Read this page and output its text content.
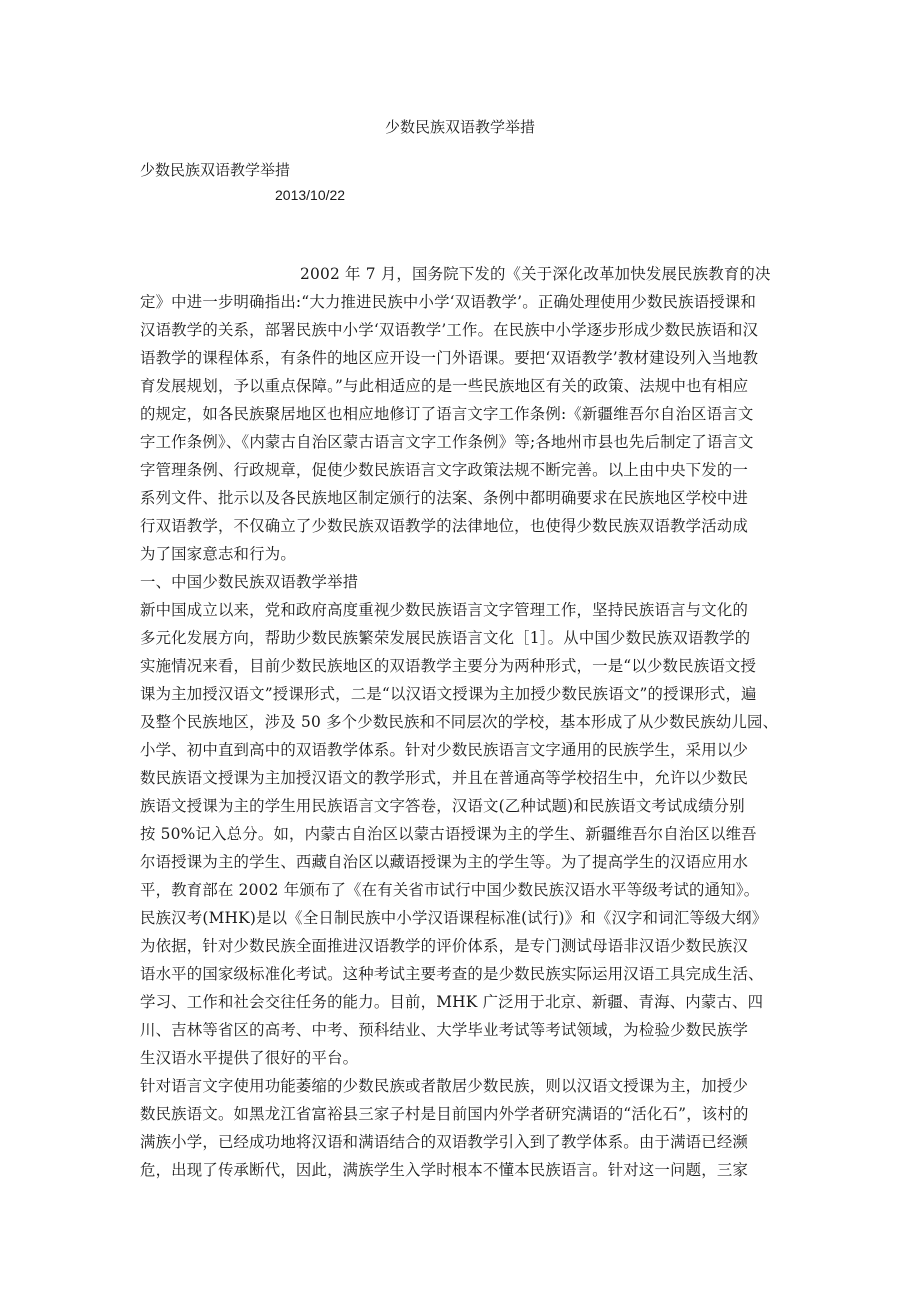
少数民族双语教学举措
少数民族双语教学举措
2013/10/22
2002 年 7 月，国务院下发的《关于深化改革加快发展民族教育的决
定》中进一步明确指出:“大力推进民族中小学‘双语教学’。正确处理使用少数民族语授课和
汉语教学的关系，部署民族中小学‘双语教学’工作。在民族中小学逐步形成少数民族语和汉
语教学的课程体系，有条件的地区应开设一门外语课。要把‘双语教学’教材建设列入当地教
育发展规划，予以重点保障。”与此相适应的是一些民族地区有关的政策、法规中也有相应
的规定，如各民族聚居地区也相应地修订了语言文字工作条例:《新疆维吾尔自治区语言文
字工作条例》、《内蒙古自治区蒙古语言文字工作条例》等;各地州市县也先后制定了语言文
字管理条例、行政规章，促使少数民族语言文字政策法规不断完善。以上由中央下发的一
系列文件、批示以及各民族地区制定颁行的法案、条例中都明确要求在民族地区学校中进
行双语教学，不仅确立了少数民族双语教学的法律地位，也使得少数民族双语教学活动成
为了国家意志和行为。
一、中国少数民族双语教学举措
新中国成立以来，党和政府高度重视少数民族语言文字管理工作，坚持民族语言与文化的
多元化发展方向，帮助少数民族繁荣发展民族语言文化［1］。从中国少数民族双语教学的
实施情况来看，目前少数民族地区的双语教学主要分为两种形式，一是“以少数民族语文授
课为主加授汉语文”授课形式，二是“以汉语文授课为主加授少数民族语文”的授课形式，遍
及整个民族地区，涉及 50 多个少数民族和不同层次的学校，基本形成了从少数民族幼儿园、
小学、初中直到高中的双语教学体系。针对少数民族语言文字通用的民族学生，采用以少
数民族语文授课为主加授汉语文的教学形式，并且在普通高等学校招生中，允许以少数民
族语文授课为主的学生用民族语言文字答卷，汉语文(乙种试题)和民族语文考试成绩分别
按 50%记入总分。如，内蒙古自治区以蒙古语授课为主的学生、新疆维吾尔自治区以维吾
尔语授课为主的学生、西藏自治区以藏语授课为主的学生等。为了提高学生的汉语应用水
平，教育部在 2002 年颁布了《在有关省市试行中国少数民族汉语水平等级考试的通知》。
民族汉考(MHK)是以《全日制民族中小学汉语课程标准(试行)》和《汉字和词汇等级大纲》
为依据，针对少数民族全面推进汉语教学的评价体系，是专门测试母语非汉语少数民族汉
语水平的国家级标准化考试。这种考试主要考查的是少数民族实际运用汉语工具完成生活、
学习、工作和社会交往任务的能力。目前，MHK 广泛用于北京、新疆、青海、内蒙古、四
川、吉林等省区的高考、中考、预科结业、大学毕业考试等考试领域，为检验少数民族学
生汉语水平提供了很好的平台。
针对语言文字使用功能萎缩的少数民族或者散居少数民族，则以汉语文授课为主，加授少
数民族语文。如黑龙江省富裕县三家子村是目前国内外学者研究满语的“活化石”，该村的
满族小学，已经成功地将汉语和满语结合的双语教学引入到了教学体系。由于满语已经濒
危，出现了传承断代，因此，满族学生入学时根本不懂本民族语言。针对这一问题，三家
